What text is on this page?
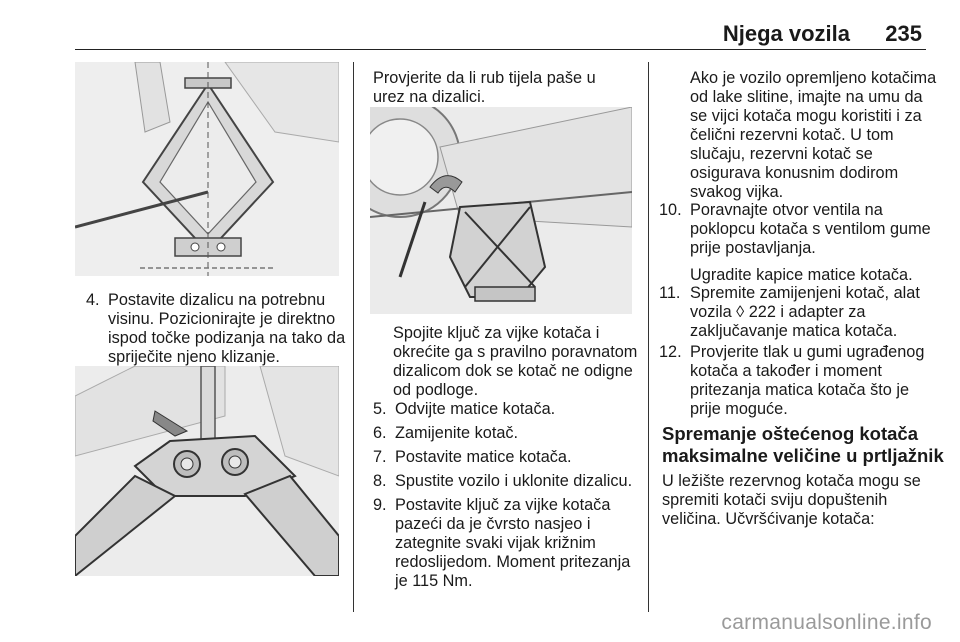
Njega vozila 235
4. Postavite dizalicu na potrebnu
visinu. Pozicionirajte je direktno
ispod točke podizanja na tako da
spriječite njeno klizanje.
Provjerite da li rub tijela paše u
urez na dizalici.
Spojite ključ za vijke kotača i
okrećite ga s pravilno poravnatom
dizalicom dok se kotač ne odigne
od podloge.
5. Odvijte matice kotača.
6. Zamijenite kotač.
7. Postavite matice kotača.
8. Spustite vozilo i uklonite dizalicu.
9. Postavite ključ za vijke kotača
pazeći da je čvrsto nasjeo i
zategnite svaki vijak križnim
redoslijedom. Moment pritezanja
je 115 Nm.
Ako je vozilo opremljeno kotačima
od lake slitine, imajte na umu da
se vijci kotača mogu koristiti i za
čelični rezervni kotač. U tom
slučaju, rezervni kotač se
osigurava konusnim dodirom
svakog vijka.
10. Poravnajte otvor ventila na
poklopcu kotača s ventilom gume
prije postavljanja.
Ugradite kapice matice kotača.
11. Spremite zamijenjeni kotač, alat
vozila ◊ 222 i adapter za
zaključavanje matica kotača.
12. Provjerite tlak u gumi ugrađenog
kotača a također i moment
pritezanja matica kotača što je
prije moguće.
Spremanje oštećenog kotača
maksimalne veličine u prtljažnik
U ležište rezervnog kotača mogu se
spremiti kotači sviju dopuštenih
veličina. Učvršćivanje kotača:
carmanualsonline.info
